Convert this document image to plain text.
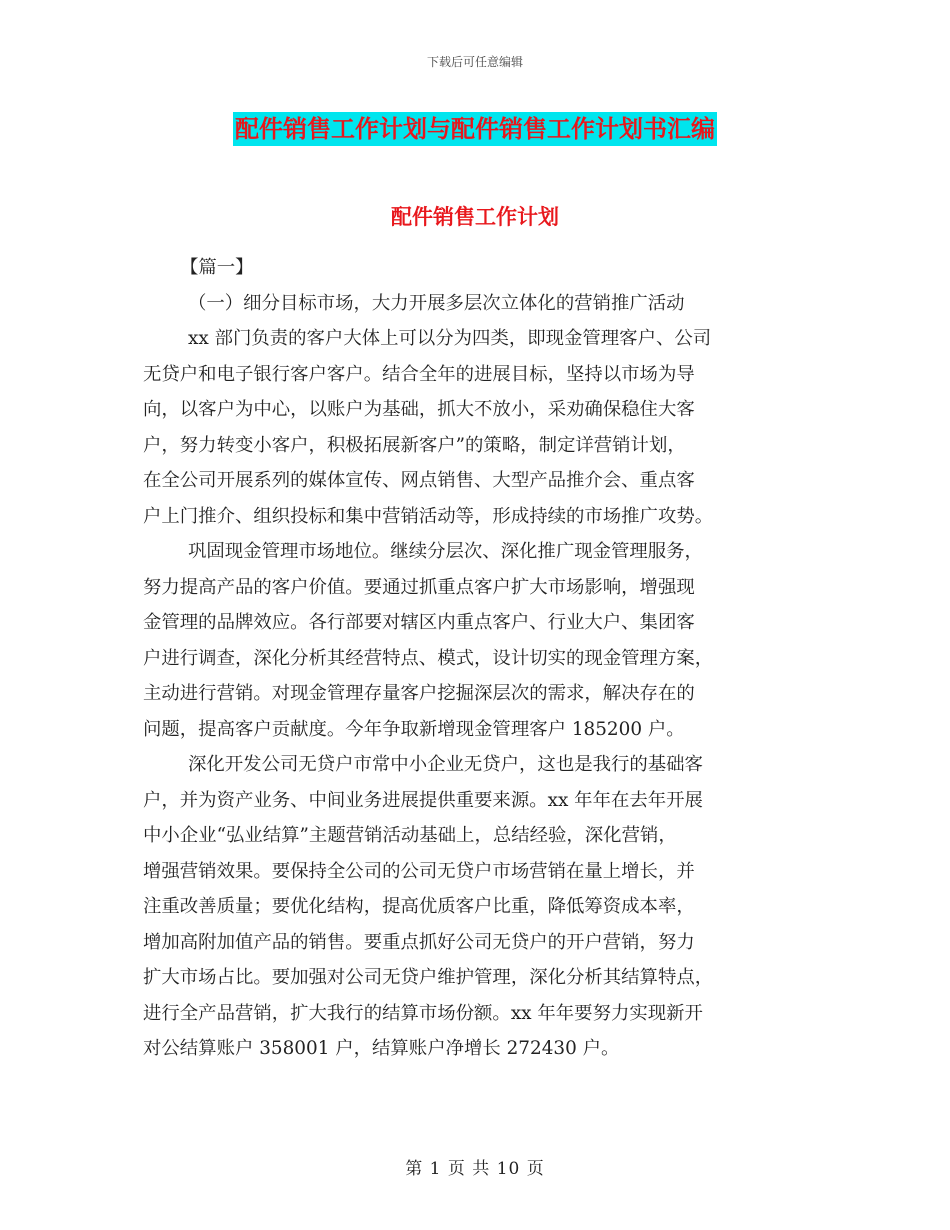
下载后可任意编辑
配件销售工作计划与配件销售工作计划书汇编
配件销售工作计划
【篇一】
（一）细分目标市场，大力开展多层次立体化的营销推广活动
xx 部门负责的客户大体上可以分为四类，即现金管理客户、公司
无贷户和电子银行客户客户。结合全年的进展目标，坚持以市场为导
向，以客户为中心，以账户为基础，抓大不放小，采劝确保稳住大客
户，努力转变小客户，积极拓展新客户”的策略，制定详营销计划，
在全公司开展系列的媒体宣传、网点销售、大型产品推介会、重点客
户上门推介、组织投标和集中营销活动等，形成持续的市场推广攻势。
巩固现金管理市场地位。继续分层次、深化推广现金管理服务，
努力提高产品的客户价值。要通过抓重点客户扩大市场影响，增强现
金管理的品牌效应。各行部要对辖区内重点客户、行业大户、集团客
户进行调查，深化分析其经营特点、模式，设计切实的现金管理方案，
主动进行营销。对现金管理存量客户挖掘深层次的需求，解决存在的
问题，提高客户贡献度。今年争取新增现金管理客户 185200 户。
深化开发公司无贷户市常中小企业无贷户，这也是我行的基础客
户，并为资产业务、中间业务进展提供重要来源。xx 年年在去年开展
中小企业“弘业结算”主题营销活动基础上，总结经验，深化营销，
增强营销效果。要保持全公司的公司无贷户市场营销在量上增长，并
注重改善质量；要优化结构，提高优质客户比重，降低筹资成本率，
增加高附加值产品的销售。要重点抓好公司无贷户的开户营销，努力
扩大市场占比。要加强对公司无贷户维护管理，深化分析其结算特点，
进行全产品营销，扩大我行的结算市场份额。xx 年年要努力实现新开
对公结算账户 358001 户，结算账户净增长 272430 户。
第 1 页 共 10 页
